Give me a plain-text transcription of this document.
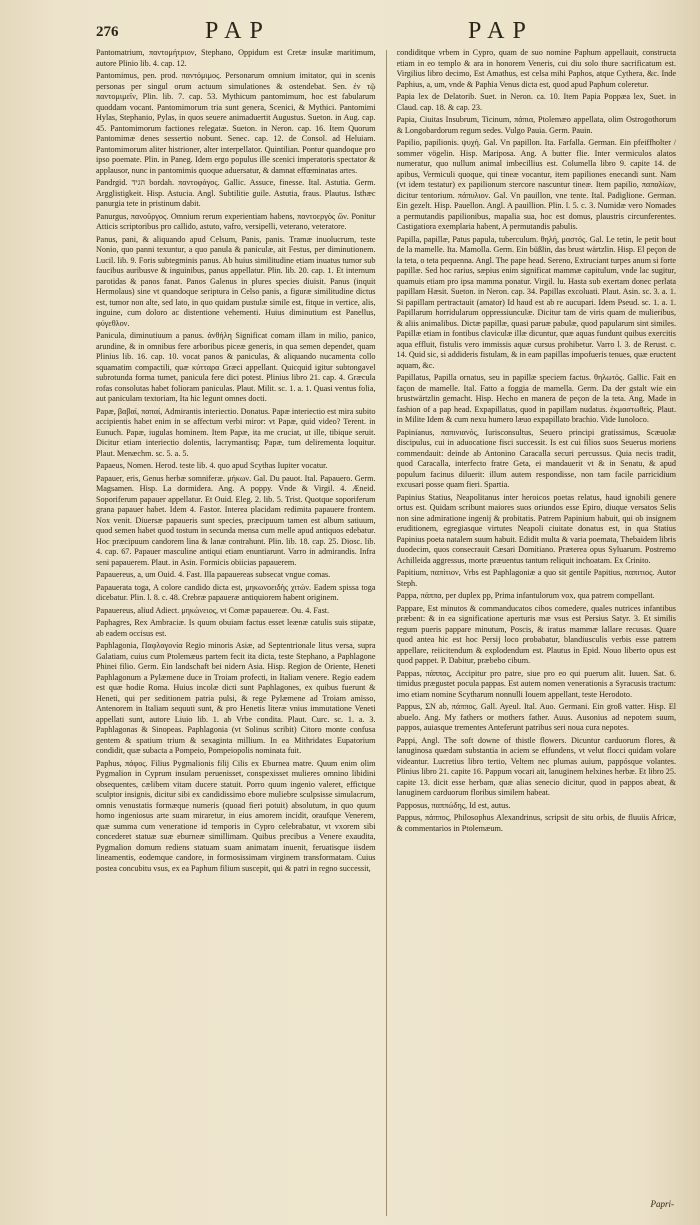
276	PAP	PAP

Pantomatrium, παντομήτριον, Stephano, Oppidum est Cretæ insulæ maritimum, autore Plinio lib. 4. cap. 12.

Pantomimus, pen. prod. παντόμιμος. Personarum omnium imitator, qui in scenis personas per singul orum actuum simulationes & ostendebat. Sen. ἐν τῷ παντομιμεῖν, Plin. lib. 7. cap. 53. Mythicum pantomimum, hoc est fabularum quoddam vocant. Pantomimorum tria sunt genera, Scenici, & Mythici. Pantomimi Hylas, Stephanio, Pylas, in quos seuere animaduertit Augustus. Sueton. in Aug. cap. 45. Pantomimorum factiones relegatæ. Sueton. in Neron. cap. 16. Item Quorum Pantomimæ denes sessertio nobunt. Senec. cap. 12. de Consol. ad Heluiam. Pantomimorum aliter histrioner, alter interpellator. Quintilian. Pontur quandoque pro ipso poemate. Plin. in Paneg. Idem ergo populus ille scenici imperatoris spectator & applausor, nunc in pantomimis quoque aduersatur, & damnat effœminatas artes.

Pandrgid. הגיד bordah. παντοφάγος. Gallic. Assuce, finesse. Ital. Astutia. Germ. Argglistigkeit. Hisp. Astucia. Angl. Subtilitie guile. Astutia, fraus. Plautus. Isthæc panurgia tete in pristinum dabit.

Panurgus, πανοῦργος. Omnium rerum experientiam habens, παντοεργὸς ὢν. Ponitur Atticis scriptoribus pro callido, astuto, vafro, versipelli, veterano, veteratore.

Panus, pani, & aliquando apud Celsum, Panis, panis. Tramæ inuolucrum, teste Nonio, quo panni texuntur, a quo panula & paniculæ, ait Festus, per diminutionem. Lucil. lib. 9. Foris subtegminis panus. Ab huius similitudine etiam inuatus tumor sub faucibus auribusve & inguinibus, panus appellatur. Plin. lib. 20. cap. 1. Et internum parotidas & panos fanat. Panos Galenus in plures species diuisit. Panus (inquit Hermolaus) sine vt quandoque seriptura in Celso panis, a figuræ similitudine dictus est, tumor non alte, sed lato, in quo quidam pustulæ simile est, fitque in vertice, alis, inguine, cum doloro ac distentione vehementi. Huius diminutium est Panellus, φύγεθλον.

Panicula, diminutiuum a panus. ἀνθήλη Significat comam illam in milio, panico, arundine, & in omnibus fere arboribus piceæ generis, in qua semen dependet, quam Plinius lib. 16. cap. 10. vocat panos & paniculas, & aliquando nucamenta collo squamatim compactili, quæ κύτταρα Græci appellant. Quicquid igitur subtongavel subrotunda forma tumet, panicula fere dici potest. Plinius libro 21. cap. 4. Græcula rofas consolutas habet folioram paniculas. Plaut. Milit. sc. 1. a. 1. Quasi ventus folia, aut paniculam textoriam, Ita hic legunt omnes docti.

Papæ, βαβαί, παπαί, Admirantis interiectio. Donatus. Papæ interiectio est mira subito accipientis habet enim in se affectum verbi miror: vt Papæ, quid video? Terent. in Eunuch. Papæ, iugulas hominem. Item Papæ, ita me cruciat, ut ille, tibique seruit. Dicitur etiam interiectio dolentis, lacrymantisq; Papæ, tum delirementa loquitur. Plaut. Menæchm. sc. 5. a. 5.

Papaeus, Nomen. Herod. teste lib. 4. quo apud Scythas Iupiter vocatur.

Papauer, eris, Genus herbæ somniferæ. μήκων. Gal. Du pauot. Ital. Papauero. Germ. Magsamen. Hisp. La dormidera. Ang. A poppy. Vnde & Virgil. 4. Æneid. Soporiferum papauer appellatur. Et Ouid. Eleg. 2. lib. 5. Trist. Quotque soporiferum grana papauer habet. Idem 4. Fastor. Interea placidam redimita papauere frontem. Nox venit. Diuersæ papaueris sunt species, præcipuum tamen est album satiuum, quod semen habet quod tostum in secunda mensa cum melle apud antiquos edebatur. Hoc præcipuum candorem lina & lanæ contrahunt. Plin. lib. 18. cap. 25. Diosc. lib. 4. cap. 67. Papauer masculine antiqui etiam enuntiarunt. Varro in admirandis. Infra seni papauerem. Plaut. in Asin. Formicis obiicias papauerem.

Papauereus, a, um Ouid. 4. Fast. Illa papauereas subsecat vngue comas.

Papauerata toga, A colore candido dicta est, μηκωνοειδὴς χιτών. Eadem spissa toga dicebatur. Plin. l. 8. c. 48. Crebræ papaueræ antiquiorem habent originem.

Papauereus, aliud Adiect. μηκώνειος, vt Comæ papauereæ. Ou. 4. Fast.

Paphagres, Rex Ambraciæ. Is quum obuiam factus esset leænæ catulis suis stipatæ, ab eadem occisus est.

Paphlagonia, Παφλαγονία Regio minoris Asiæ, ad Septentrionale litus versa, supra Galatiam, cuius cum Ptolemæus partem fecit ita dicta, teste Stephano, a Paphlagone Phinei filio. Germ. Ein landschaft bei nidern Asia. Hisp. Region de Oriente, Heneti Paphlagonum a Pylæmene duce in Troiam profecti, in Italiam venere. Regio eadem est quæ hodie Roma. Huius incolæ dicti sunt Paphlagones, ex quibus fuerunt & Heneti, qui per seditionem patria pulsi, & rege Pylæmene ad Troiam amisso, Antenorem in Italiam sequuti sunt, & pro Henetis literæ vnius immutatione Veneti appellati sunt, autore Liuio lib. 1. ab Vrbe condita. Plaut. Curc. sc. 1. a. 3. Paphlagonas & Sinopeas. Paphlagonia (vt Solinus scribit) Citoro monte confusa gentem & spatium trium & sexaginta millium. In ea Mithridates Eupatorium condidit, quæ subacta a Pompeio, Pompeiopolis nominata fuit.

Paphus, πάφος. Filius Pygmalionis filij Cilis ex Eburnea matre. Quum enim olim Pygmalion in Cyprum insulam peruenisset, conspexisset mulieres omnino libidini obsequentes, cælibem vitam ducere statuit. Porro quum ingenio valeret, effictque sculptor insignis, dicitur sibi ex candidissimo ebore muliebre sculpsisse simulacrum, omnis venustatis formæque numeris (quoad fieri potuit) absolutum, in quo quum homo ingeniosus arte suam miraretur, in eius amorem incidit, oraufque Venerem, quæ summa cum veneratione id temporis in Cypro celebrabatur, vt vxorem sibi concederet statuæ suæ eburneæ simillimam. Quibus precibus a Venere exaudita, Pygmalion domum rediens statuam suam animatam inuenit, feruatisque iisdem lineamentis, eodemque candore, in formosissimam virginem transformatam. Cuius postea concubitu vsus, ex ea Paphum filium suscepit, qui & patri in regno successit,

condiditque vrbem in Cypro, quam de suo nomine Paphum appellauit, constructa etiam in eo templo & ara in honorem Veneris, cui diu solo thure sacrificatum est. Virgilius libro decimo, Est Amathus, est celsa mihi Paphos, atque Cythera, &c. Inde Paphius, a, um, vnde & Paphia Venus dicta est, quod apud Paphum coleretur.

Papia lex de Delatorib. Suet. in Neron. ca. 10. Item Papia Poppæa lex, Suet. in Claud. cap. 18. & cap. 23.

Papia, Ciuitas Insubrum, Ticinum, πάπια, Ptolemæo appellata, olim Ostrogothorum & Longobardorum regum sedes. Vulgo Pauia. Germ. Pauin.

Papilio, papilionis. ψυχή. Gal. Vn papillon. Ita. Farfalla. German. Ein pfeiffholter / sommer vögelin. Hisp. Mariposa. Ang. A butter flie. Inter vermiculos alatos numeratur, quo nullum animal imbecillius est. Columella libro 9. capite 14. de apibus, Vermiculi quoque, qui tineæ vocantur, item papiliones enecandi sunt. Nam (vt idem testatur) ex papilionum stercore nascuntur tineæ. Item papilio, παπαλίων, dicitur tentorium. πάπυλιον. Gal. Vn pauillon, vne tente. Ital. Padiglione. German. Ein gezelt. Hisp. Pauellon. Angl. A pauillion. Plin. l. 5. c. 3. Numidæ vero Nomades a permutandis papilionibus, mapalia sua, hoc est domus, plaustris circunferentes. Castigatiora exemplaria habent, A permutandis pabulis.

Papilla, papillæ, Patus papula, tuberculum. θηλή, μαστός. Gal. Le tetin, le petit bout de la mamelle. Ita. Mamolla. Germ. Ein büßlin, das brust wärtzlin. Hisp. El peçon de la teta, o teta pequenna. Angl. The pape head. Sereno, Extruciant turpes anum si forte papillæ. Sed hoc rarius, sæpius enim significat mammæ capitulum, vnde lac sugitur, quamuis etiam pro ipsa mamma ponatur. Virgil. lu. Hasta sub exertam donec perlata papillam Hæsit. Sueton. in Neron. cap. 34. Papillas excoluati. Plaut. Asin. sc. 3. a. 1. Si papillam pertractauit (amator) Id haud est ab re aucupari. Idem Pseud. sc. 1. a. 1. Papillarum horridularum oppressiunculæ. Dicitur tam de viris quam de mulieribus, & aliis animalibus. Dictæ papillæ, quasi paruæ pabulæ, quod papularum sint similes. Papillæ etiam in fontibus claviculæ illæ dicuntur, quæ aquas fundunt quibus exercitis aqua effluit, fistulis vero immissis aquæ cursus prohibetur. Varro l. 3. de Rerust. c. 14. Quid sic, si addideris fistulam, & in eam papillas impofueris tenues, quæ eructent aquam, &c.

Papillatus, Papilla ornatus, seu in papillæ speciem factus. θηλωτός. Gallic. Fait en façon de mamelle. Ital. Fatto a foggia de mamella. Germ. Da der gstalt wie ein brustwärtzlin gemacht. Hisp. Hecho en manera de peçon de la teta. Ang. Made in fashion of a pap head. Expapillatus, quod in papillam nudatus. ἐκμαστωθεὶς. Plaut. in Milite Idem & cum nexu humero læuo expapillato brachio. Vide Iunoloco.

Papinianus, παπινιανός, Iurisconsultus, Seuero principi gratissimus, Scæuolæ discipulus, cui in aduocatione fisci successit. Is est cui filios suos Seuerus moriens commendauit: deinde ab Antonino Caracalla securi percussus. Quia necis tradit, quod Caracalla, interfecto fratre Geta, ei mandauerit vt & in Senatu, & apud populum facinus diluerit: illum autem respondisse, non tam facile parricidium excusari posse quam fieri. Spartia.

Papinius Statius, Neapolitanus inter heroicos poetas relatus, haud ignobili genere ortus est. Quidam scribunt maiores suos oriundos esse Epiro, diuque versatos Selis non sine admiratione ingenij & probitatis. Patrem Papinium habuit, qui ob insignem eruditionem, egregiasque virtutes Neapoli ciuitate donatus est, in qua Statius Papinius poeta natalem suum habuit. Edidit multa & varia poemata, Thebaidem libris duodecim, quos consecrauit Cæsari Domitiano. Præterea opus Syluarum. Postremo Achilleida aggressus, morte præuentus tantum reliquit inchoatam. Ex Crinito.

Papitium, παπίτιον, Vrbs est Paphlagoniæ a quo sit gentile Papitius, παπιτιος. Autor Steph.

Pappa, πάππα, per duplex pp, Prima infantulorum vox, qua patrem compellant.

Pappare, Est minutos & commanducatos cibos comedere, quales nutrices infantibus præbent: & in ea significatione aperturis mæ vsus est Persius Satyr. 3. Et similis regum pueris pappare minutum, Poscis, & iratus mammæ lallare recusas. Quare quod antea hic est hoc Persij loco probabatur, blandiusculis verbis esse patrem appellare, reiicitendum & explodendum est. Plautus in Epid. Nouo liberto opus est quod pappet. P. Dabitur, præbebo cibum.

Pappas, πάππας, Accipitur pro patre, siue pro eo qui puerum alit. Iuuen. Sat. 6. timidus prægustet pocula pappas. Est autem nomen venerationis a Syracusis tractum: imo etiam nomine Scytharum nonnulli Iouem appellant, teste Herodoto.

Pappus, ΣΝ ab, πάππος. Gall. Ayeul. Ital. Auo. Germani. Ein groß vatter. Hisp. El abuelo. Ang. My fathers or mothers father. Auus. Ausonius ad nepotem suum, pappos, auiasque trementes Anteferunt patribus seri noua cura nepotes.

Pappi, Angl. The soft downe of thistle flowers. Dicuntur carduorum flores, & lanuginosa quædam substantia in aciem se effundens, vt velut flocci quidam volare videantur. Lucretius libro tertio, Veltem nec plumas auium, pappósque volantes. Plinius libro 21. capite 16. Pappum vocari ait, lanuginem helxines herbæ. Et libro 25. capite 13. dicit esse herbam, quæ alias senecio dicitur, quod in pappos abeat, & lanuginem carduorum floribus similem habeat.

Papposus, παππώδης, Id est, autus.

Pappus, πάππος, Philosophus Alexandrinus, scripsit de situ orbis, de fluuiis Africæ, & commentarios in Ptolemæum.

Papri-
